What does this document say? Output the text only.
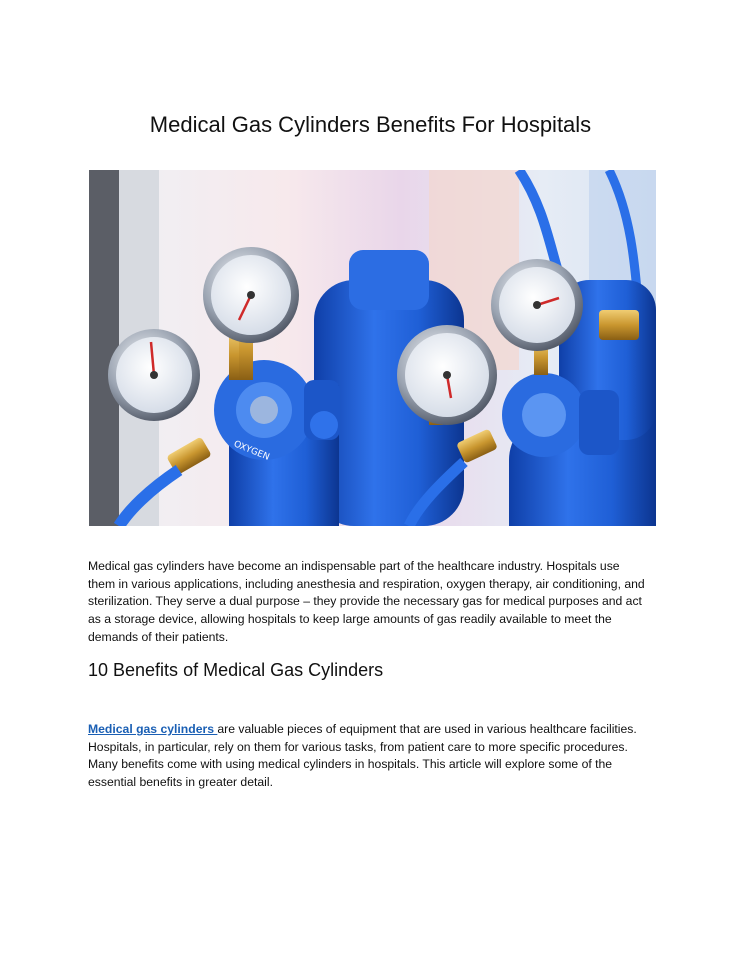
Medical Gas Cylinders Benefits For Hospitals
OXYGEN

Medical gas cylinders have become an indispensable part of the healthcare industry. Hospitals use them in various applications, including anesthesia and respiration, oxygen therapy, air conditioning, and sterilization. They serve a dual purpose – they provide the necessary gas for medical purposes and act as a storage device, allowing hospitals to keep large amounts of gas readily available to meet the demands of their patients.

10 Benefits of Medical Gas Cylinders

Medical gas cylinders are valuable pieces of equipment that are used in various healthcare facilities. Hospitals, in particular, rely on them for various tasks, from patient care to more specific procedures. Many benefits come with using medical cylinders in hospitals. This article will explore some of the essential benefits in greater detail.
